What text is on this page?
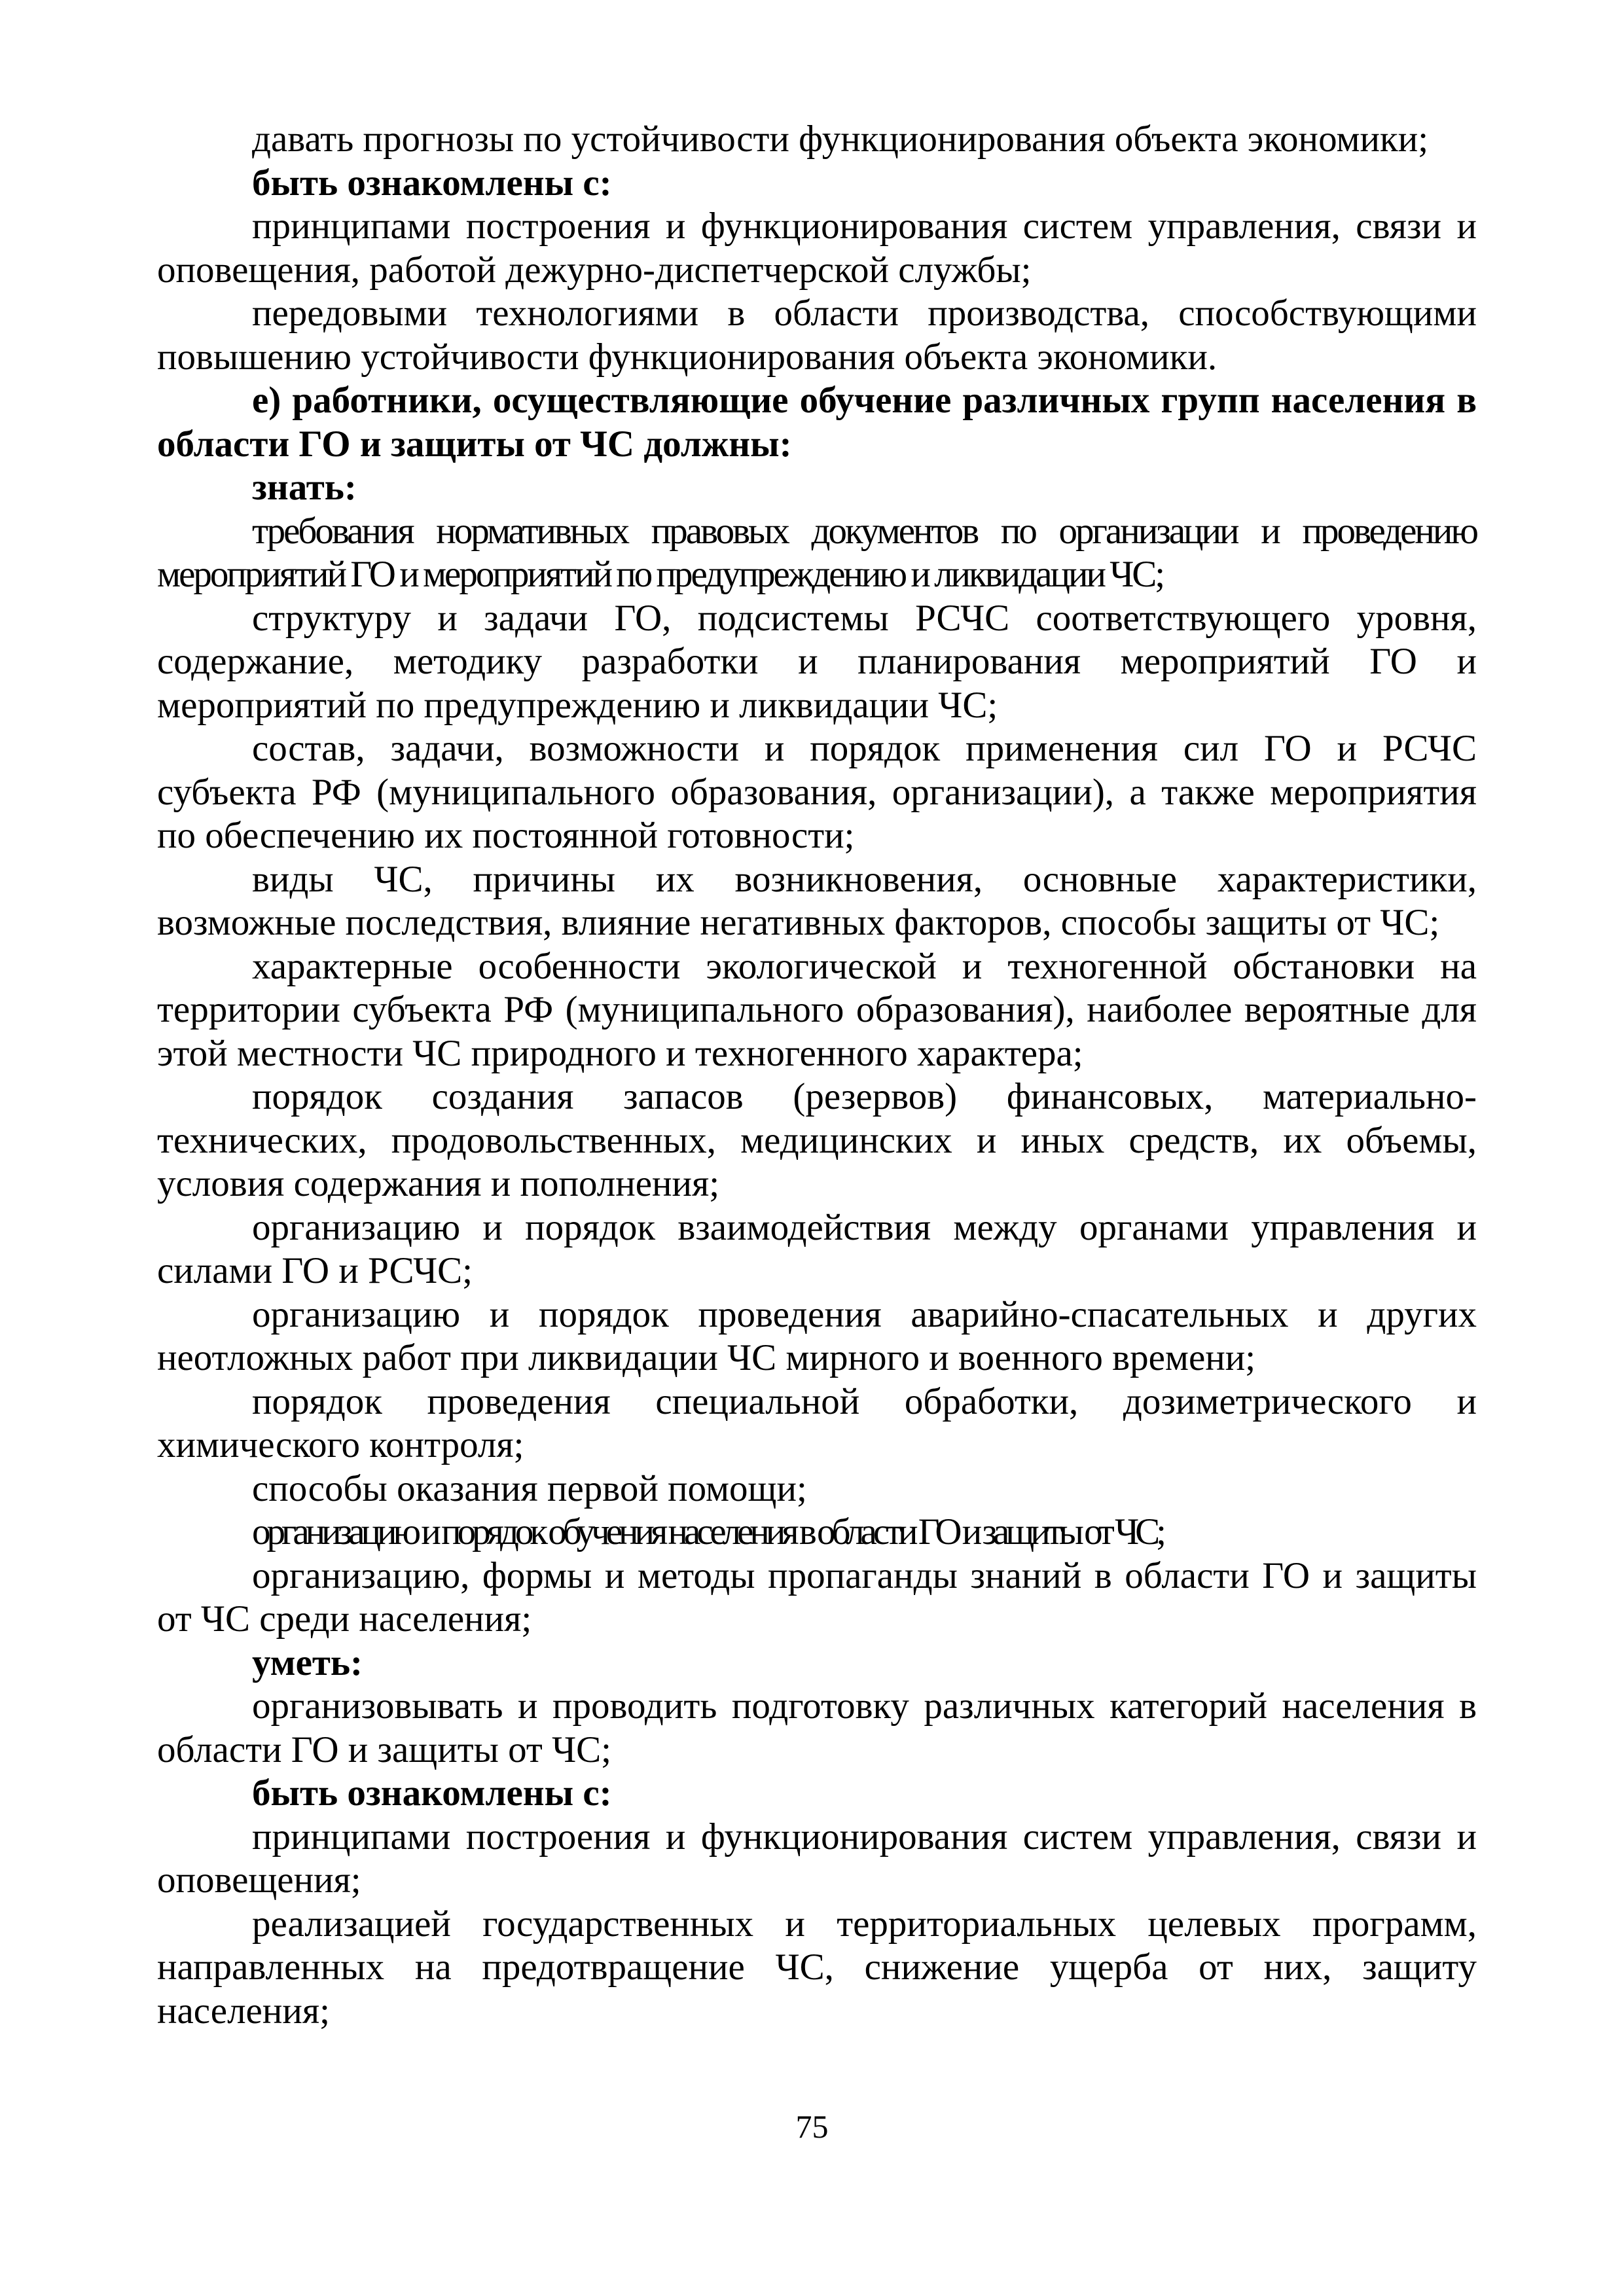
давать прогнозы по устойчивости функционирования объекта экономики;

быть ознакомлены с:

принципами построения и функционирования систем управления, связи и оповещения, работой дежурно-диспетчерской службы;

передовыми технологиями в области производства, способствующими повышению устойчивости функционирования объекта экономики.

е) работники, осуществляющие обучение различных групп населения в области ГО и защиты от ЧС должны:

знать:

требования нормативных правовых документов по организации и проведению мероприятий ГО и мероприятий по предупреждению и ликвидации ЧС;

структуру и задачи ГО, подсистемы РСЧС соответствующего уровня, содержание, методику разработки и планирования мероприятий ГО и мероприятий по предупреждению и ликвидации ЧС;

состав, задачи, возможности и порядок применения сил ГО и РСЧС субъекта РФ (муниципального образования, организации), а также мероприятия по обеспечению их постоянной готовности;

виды ЧС, причины их возникновения, основные характеристики, возможные последствия, влияние негативных факторов, способы защиты от ЧС;

характерные особенности экологической и техногенной обстановки на территории субъекта РФ (муниципального образования), наиболее вероятные для этой местности ЧС природного и техногенного характера;

порядок создания запасов (резервов) финансовых, материально-технических, продовольственных, медицинских и иных средств, их объемы, условия содержания и пополнения;

организацию и порядок взаимодействия между органами управления и силами ГО и РСЧС;

организацию и порядок проведения аварийно-спасательных и других неотложных работ при ликвидации ЧС мирного и военного времени;

порядок проведения специальной обработки, дозиметрического и химического контроля;

способы оказания первой помощи;

организацию и порядок обучения населения в области ГО и защиты от ЧС;

организацию, формы и методы пропаганды знаний в области ГО и защиты от ЧС среди населения;

уметь:

организовывать и проводить подготовку различных категорий населения в области ГО и защиты от ЧС;

быть ознакомлены с:

принципами построения и функционирования систем управления, связи и оповещения;

реализацией государственных и территориальных целевых программ, направленных на предотвращение ЧС, снижение ущерба от них, защиту населения;

75
